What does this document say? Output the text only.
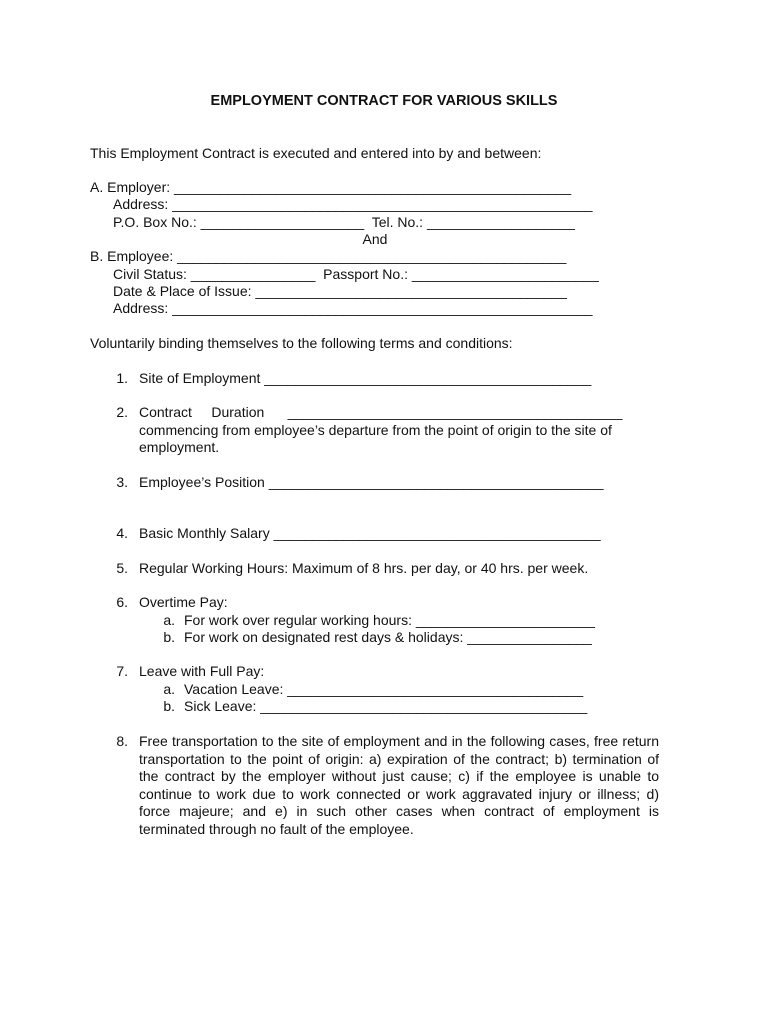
EMPLOYMENT CONTRACT FOR VARIOUS SKILLS
This Employment Contract is executed and entered into by and between:
A. Employer: ___________________________________________________
Address: ______________________________________________________
P.O. Box No.: _____________________  Tel. No.: ___________________
And
B. Employee: __________________________________________________
Civil Status: ________________  Passport No.: ________________________
Date & Place of Issue: ________________________________________
Address: ______________________________________________________
Voluntarily binding themselves to the following terms and conditions:
1. Site of Employment __________________________________________
2. Contract     Duration      ___________________________________________
commencing from employee’s departure from the point of origin to the site of
employment.
3. Employee’s Position ___________________________________________
4. Basic Monthly Salary __________________________________________
5. Regular Working Hours: Maximum of 8 hrs. per day, or 40 hrs. per week.
6. Overtime Pay:
a. For work over regular working hours: _______________________
b. For work on designated rest days & holidays: ________________
7. Leave with Full Pay:
a. Vacation Leave: ______________________________________
b. Sick Leave: __________________________________________
8. Free transportation to the site of employment and in the following cases, free return transportation to the point of origin: a) expiration of the contract; b) termination of the contract by the employer without just cause; c) if the employee is unable to continue to work due to work connected or work aggravated injury or illness; d) force majeure; and e) in such other cases when contract of employment is terminated through no fault of the employee.
